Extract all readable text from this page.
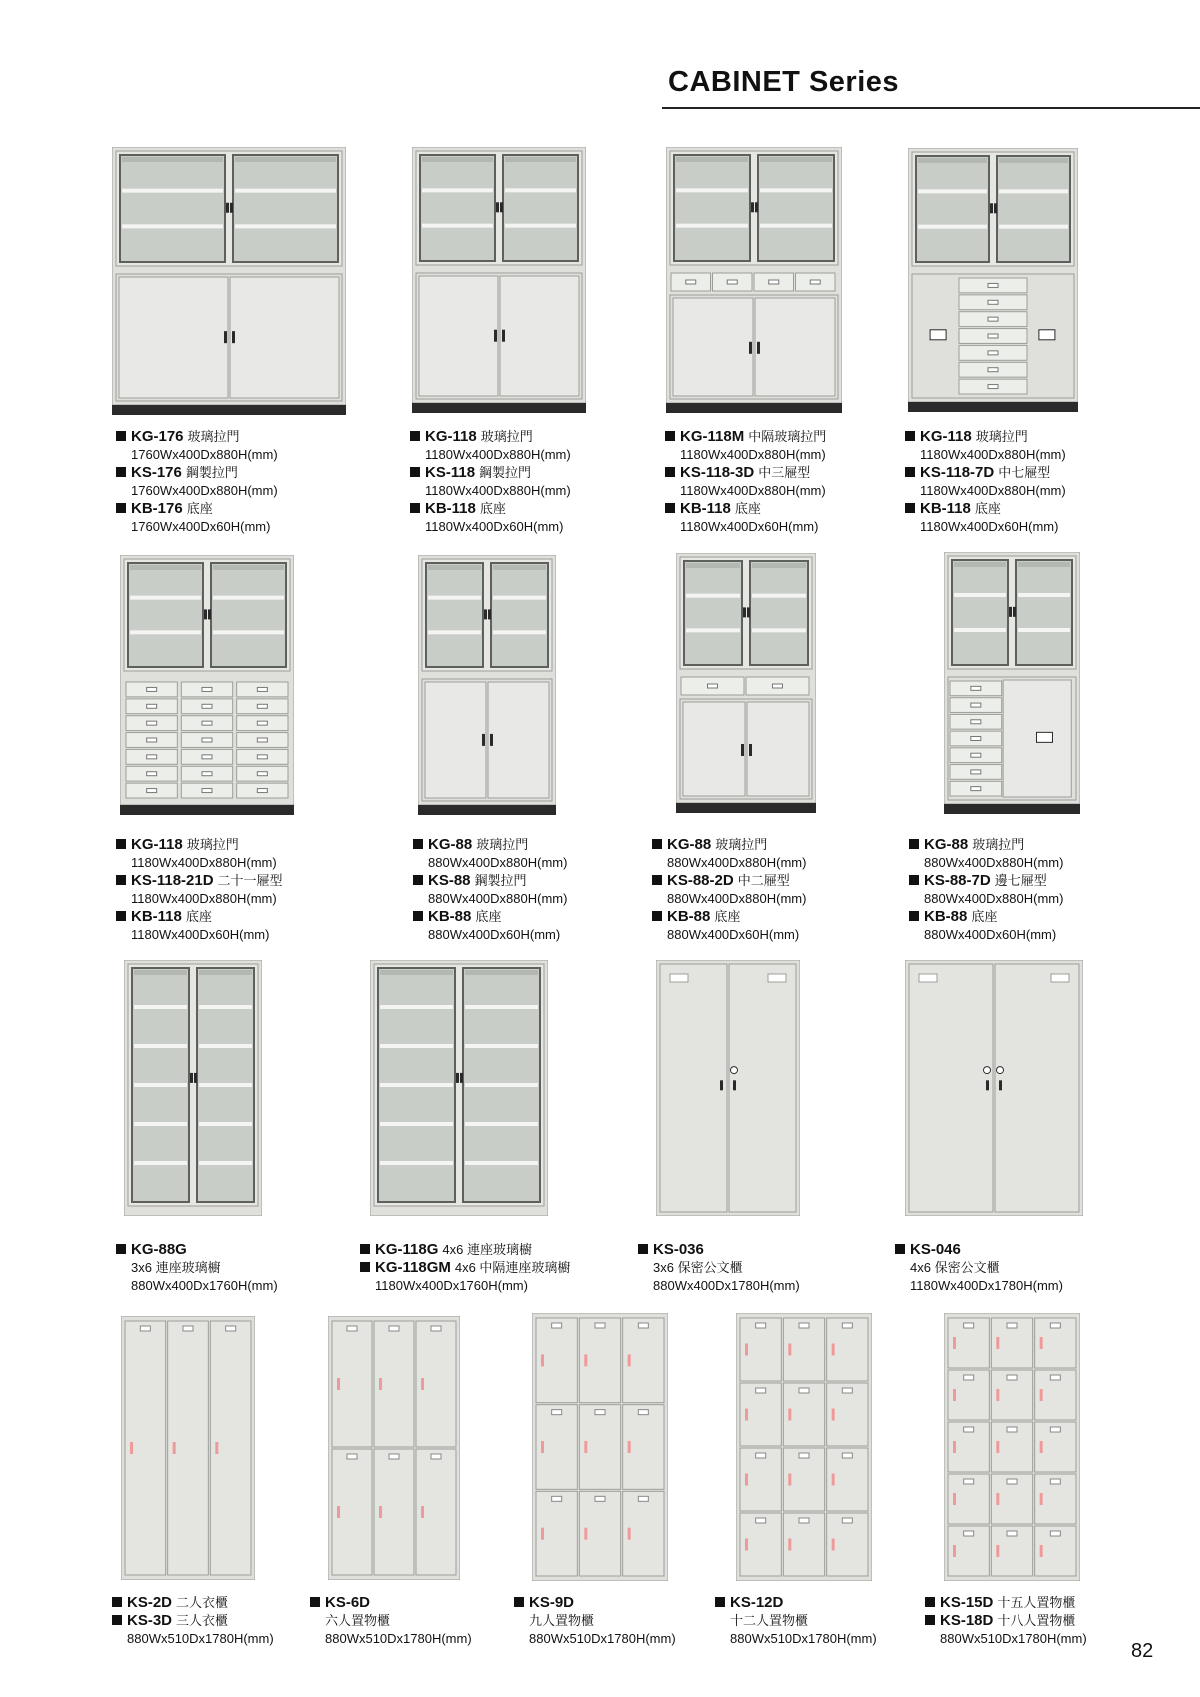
CABINET Series
KG-176 玻璃拉門
1760Wx400Dx880H(mm)
KS-176 鋼製拉門
1760Wx400Dx880H(mm)
KB-176 底座
1760Wx400Dx60H(mm)
KG-118 玻璃拉門
1180Wx400Dx880H(mm)
KS-118 鋼製拉門
1180Wx400Dx880H(mm)
KB-118 底座
1180Wx400Dx60H(mm)
KG-118M 中隔玻璃拉門
1180Wx400Dx880H(mm)
KS-118-3D 中三屜型
1180Wx400Dx880H(mm)
KB-118 底座
1180Wx400Dx60H(mm)
KG-118 玻璃拉門
1180Wx400Dx880H(mm)
KS-118-7D 中七屜型
1180Wx400Dx880H(mm)
KB-118 底座
1180Wx400Dx60H(mm)
KG-118 玻璃拉門
1180Wx400Dx880H(mm)
KS-118-21D 二十一屜型
1180Wx400Dx880H(mm)
KB-118 底座
1180Wx400Dx60H(mm)
KG-88 玻璃拉門
880Wx400Dx880H(mm)
KS-88 鋼製拉門
880Wx400Dx880H(mm)
KB-88 底座
880Wx400Dx60H(mm)
KG-88 玻璃拉門
880Wx400Dx880H(mm)
KS-88-2D 中二屜型
880Wx400Dx880H(mm)
KB-88 底座
880Wx400Dx60H(mm)
KG-88 玻璃拉門
880Wx400Dx880H(mm)
KS-88-7D 邊七屜型
880Wx400Dx880H(mm)
KB-88 底座
880Wx400Dx60H(mm)
KG-88G
3x6 連座玻璃櫥
880Wx400Dx1760H(mm)
KG-118G 4x6 連座玻璃櫥
KG-118GM 4x6 中隔連座玻璃櫥
1180Wx400Dx1760H(mm)
KS-036
3x6 保密公文櫃
880Wx400Dx1780H(mm)
KS-046
4x6 保密公文櫃
1180Wx400Dx1780H(mm)
KS-2D 二人衣櫃
KS-3D 三人衣櫃
880Wx510Dx1780H(mm)
KS-6D
六人置物櫃
880Wx510Dx1780H(mm)
KS-9D
九人置物櫃
880Wx510Dx1780H(mm)
KS-12D
十二人置物櫃
880Wx510Dx1780H(mm)
KS-15D 十五人置物櫃
KS-18D 十八人置物櫃
880Wx510Dx1780H(mm)
82
